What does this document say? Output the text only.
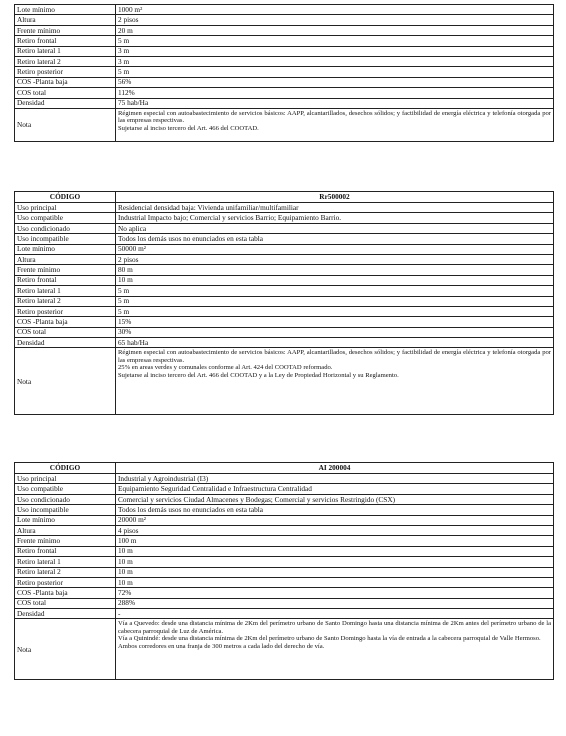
Lote mínimo	1000 m²
Altura	2 pisos
Frente mínimo	20 m
Retiro frontal	5 m
Retiro lateral 1	3 m
Retiro lateral 2	3 m
Retiro posterior	5 m
COS -Planta baja	56%
COS total	112%
Densidad	75 hab/Ha
Nota	Régimen especial con autoabastecimiento de servicios básicos: AAPP, alcantarillados, desechos sólidos; y factibilidad de energía eléctrica y telefonía otorgada por las empresas respectivas.

Sujetarse al inciso tercero del Art. 466 del COOTAD.

CÓDIGO	Rr500002
Uso principal	Residencial densidad baja: Vivienda unifamiliar/multifamiliar
Uso compatible	Industrial Impacto bajo; Comercial y servicios Barrio; Equipamiento Barrio.
Uso condicionado	No aplica
Uso incompatible	Todos los demás usos no enunciados en esta tabla
Lote mínimo	50000 m²
Altura	2 pisos
Frente mínimo	80 m
Retiro frontal	10 m
Retiro lateral 1	5 m
Retiro lateral 2	5 m
Retiro posterior	5 m
COS -Planta baja	15%
COS total	30%
Densidad	65 hab/Ha
Nota	Régimen especial con autoabastecimiento de servicios básicos: AAPP, alcantarillados, desechos sólidos; y factibilidad de energía eléctrica y telefonía otorgada por las empresas respectivas.

25% en areas verdes y comunales conforme al Art. 424 del COOTAD reformado.

Sujetarse al inciso tercero del Art. 466 del COOTAD y a la Ley de Propiedad Horizontal y su Reglamento.

CÓDIGO	AI 200004
Uso principal	Industrial y Agroindustrial (I3)
Uso compatible	Equipamiento Seguridad Centralidad e Infraestructura Centralidad
Uso condicionado	Comercial y servicios Ciudad Almacenes y Bodegas; Comercial y servicios Restringido (CSX)
Uso incompatible	Todos los demás usos no enunciados en esta tabla
Lote mínimo	20000 m²
Altura	4 pisos
Frente mínimo	100 m
Retiro frontal	10 m
Retiro lateral 1	10 m
Retiro lateral 2	10 m
Retiro posterior	10 m
COS -Planta baja	72%
COS total	288%
Densidad	-
Nota	Vía a Quevedo: desde una distancia mínima de 2Km del perímetro urbano de Santo Domingo hasta una distancia mínima de 2Km antes del perímetro urbano de la cabecera parroquial de Luz de América.

Vía a Quinindé: desde una distancia mínima de 2Km del perímetro urbano de Santo Domingo hasta la vía de entrada a la cabecera parroquial de Valle Hermoso.

Ambos corredores en una franja de 300 metros a cada lado del derecho de vía.
